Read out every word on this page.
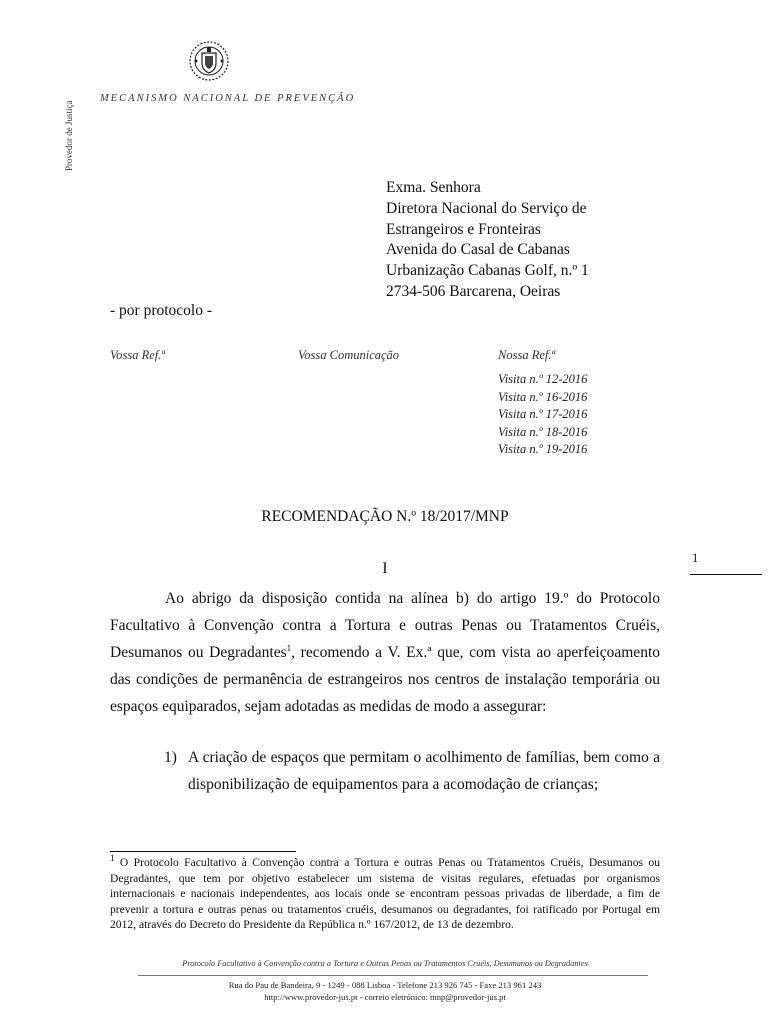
Provedor de Justiça
MECANISMO NACIONAL DE PREVENÇÃO
Exma. Senhora
Diretora Nacional do Serviço de
Estrangeiros e Fronteiras
Avenida do Casal de Cabanas
Urbanização Cabanas Golf, n.º 1
2734-506 Barcarena, Oeiras
- por protocolo -
Vossa Ref.ª	Vossa Comunicação	Nossa Ref.ª
Visita n.º 12-2016
Visita n.º 16-2016
Visita n.º 17-2016
Visita n.º 18-2016
Visita n.º 19-2016
RECOMENDAÇÃO N.º 18/2017/MNP
1
I

Ao abrigo da disposição contida na alínea b) do artigo 19.º do Protocolo Facultativo à Convenção contra a Tortura e outras Penas ou Tratamentos Cruéis, Desumanos ou Degradantes$^1$, recomendo a V. Ex.ª que, com vista ao aperfeiçoamento das condições de permanência de estrangeiros nos centros de instalação temporária ou espaços equiparados, sejam adotadas as medidas de modo a assegurar:

1) A criação de espaços que permitam o acolhimento de famílias, bem como a disponibilização de equipamentos para a acomodação de crianças;
$^1$ O Protocolo Facultativo à Convenção contra a Tortura e outras Penas ou Tratamentos Cruéis, Desumanos ou Degradantes, que tem por objetivo estabelecer um sistema de visitas regulares, efetuadas por organismos internacionais e nacionais independentes, aos locais onde se encontram pessoas privadas de liberdade, a fim de prevenir a tortura e outras penas ou tratamentos cruéis, desumanos ou degradantes, foi ratificado por Portugal em 2012, através do Decreto do Presidente da República n.º 167/2012, de 13 de dezembro.
Protocolo Facultativo à Convenção contra a Tortura e Outras Penas ou Tratamentos Cruéis, Desumanos ou Degradantes
Rua do Pau de Bandeira, 9 - 1249 - 088 Lisboa - Telefone 213 926 745 - Faxe 213 961 243
http://www.provedor-jus.pt - correio eletrónico: mnp@provedor-jus.pt
